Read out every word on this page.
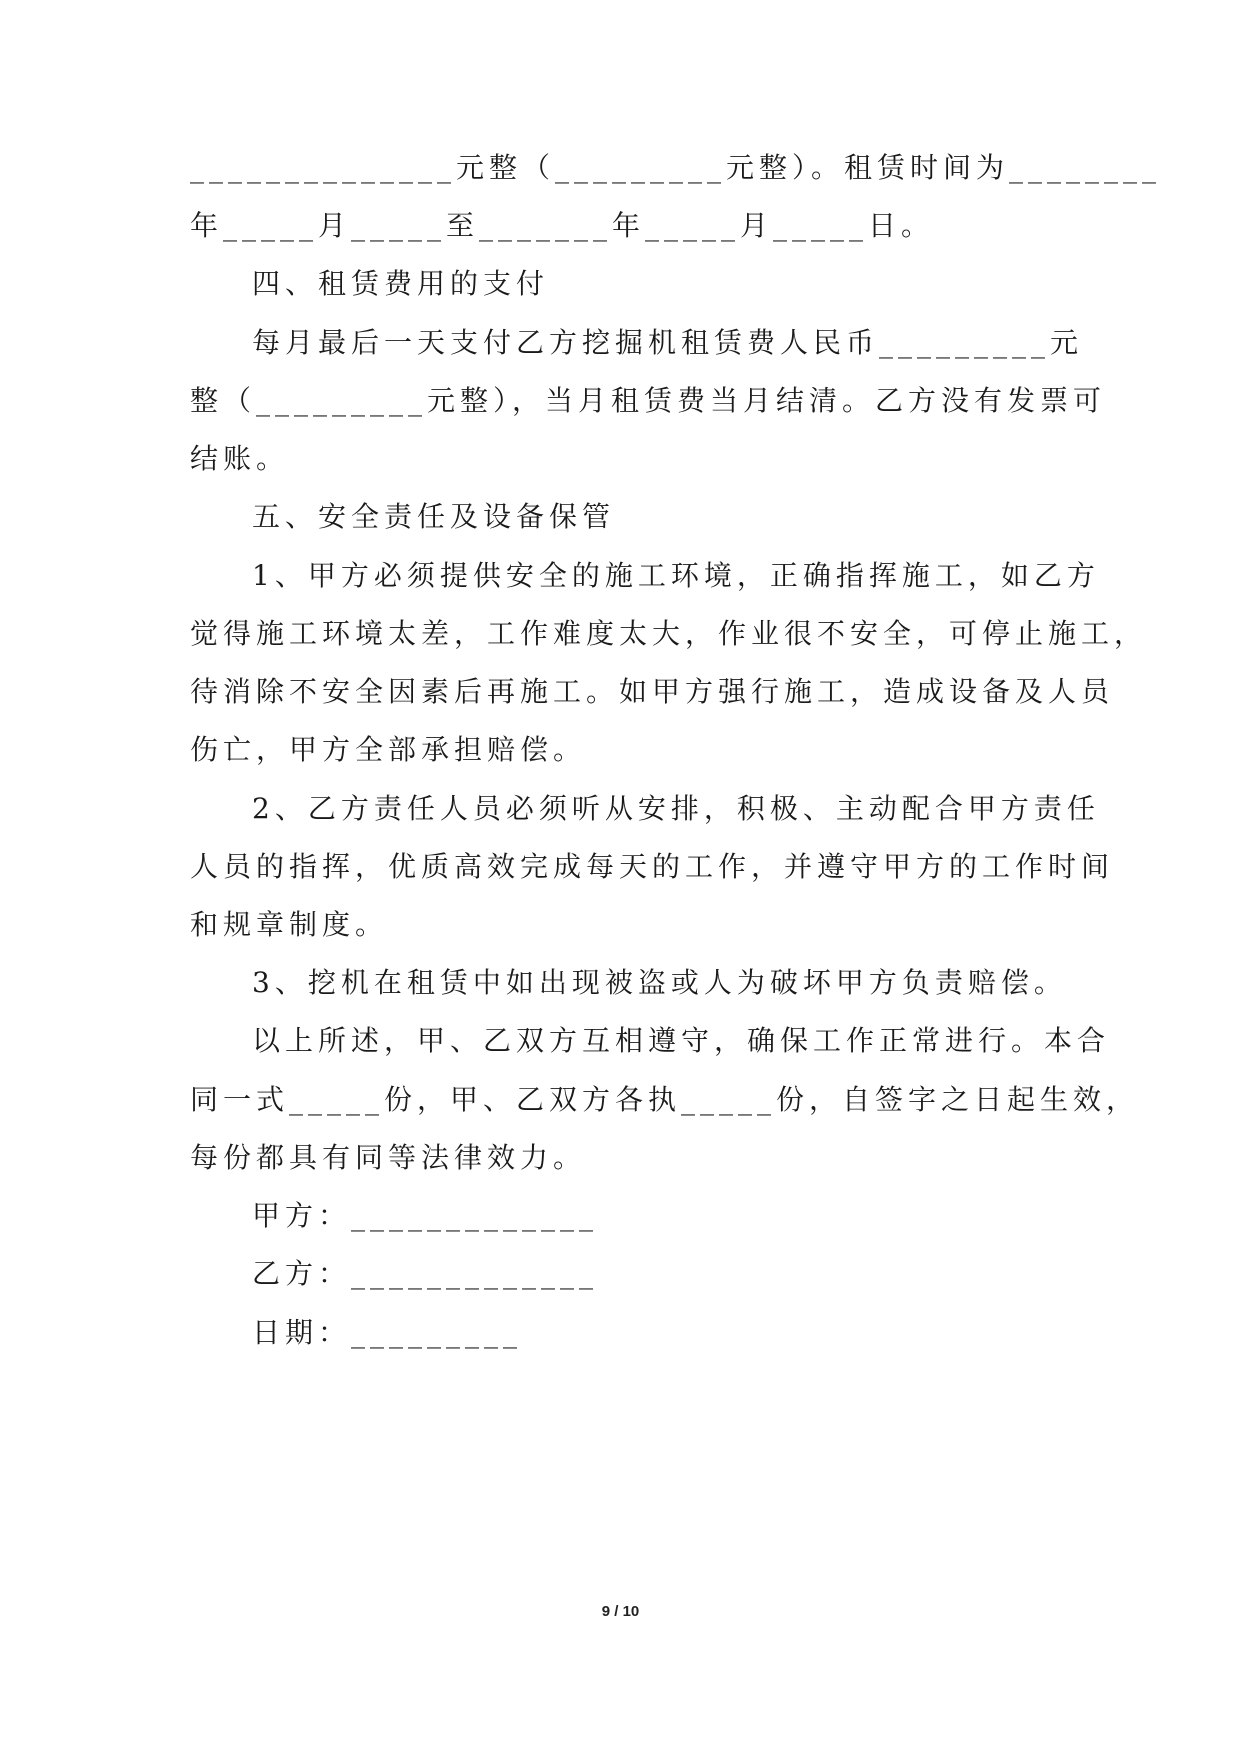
______________元整（_________元整）。租赁时间为________
年_____月_____至_______年_____月_____日。
四、租赁费用的支付
每月最后一天支付乙方挖掘机租赁费人民币_________元
整（_________元整），当月租赁费当月结清。乙方没有发票可
结账。
五、安全责任及设备保管
1、甲方必须提供安全的施工环境，正确指挥施工，如乙方
觉得施工环境太差，工作难度太大，作业很不安全，可停止施工，
待消除不安全因素后再施工。如甲方强行施工，造成设备及人员
伤亡，甲方全部承担赔偿。
2、乙方责任人员必须听从安排，积极、主动配合甲方责任
人员的指挥，优质高效完成每天的工作，并遵守甲方的工作时间
和规章制度。
3、挖机在租赁中如出现被盗或人为破坏甲方负责赔偿。
以上所述，甲、乙双方互相遵守，确保工作正常进行。本合
同一式_____份，甲、乙双方各执_____份，自签字之日起生效，
每份都具有同等法律效力。
甲方：_____________
乙方：_____________
日期：_________
9 / 10
